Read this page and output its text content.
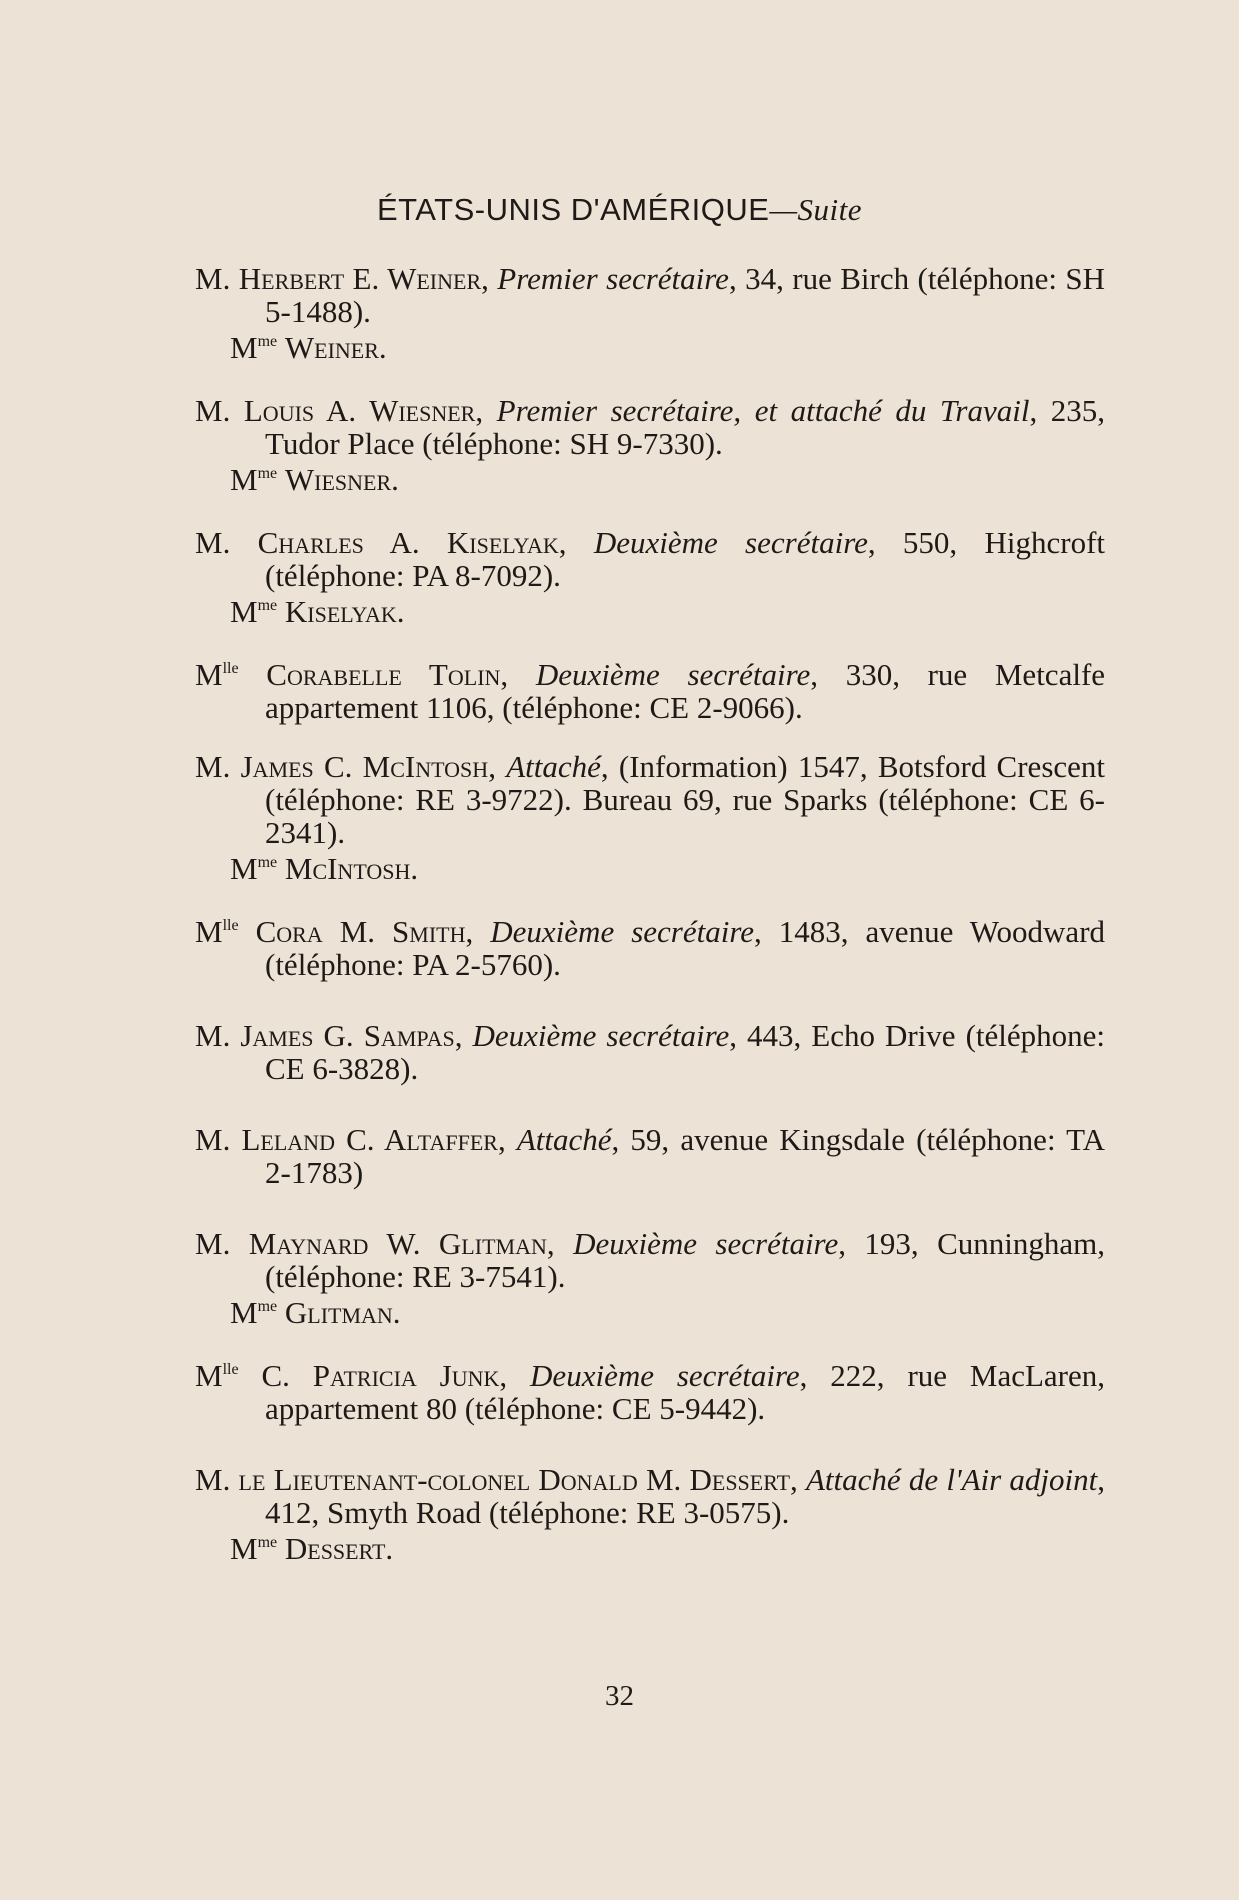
ÉTATS-UNIS D'AMÉRIQUE—Suite

M. Herbert E. Weiner, Premier secrétaire, 34, rue Birch (téléphone: SH 5-1488).

$M^{me}$ Weiner.

M. Louis A. Wiesner, Premier secrétaire, et attaché du Travail, 235, Tudor Place (téléphone: SH 9-7330).

$M^{me}$ Wiesner.

M. Charles A. Kiselyak, Deuxième secrétaire, 550, Highcroft (téléphone: PA 8-7092).

$M^{me}$ Kiselyak.

$M^{lle}$ Corabelle Tolin, Deuxième secrétaire, 330, rue Metcalfe appartement 1106, (téléphone: CE 2-9066).

M. James C. McIntosh, Attaché, (Information) 1547, Botsford Crescent (téléphone: RE 3-9722). Bureau 69, rue Sparks (téléphone: CE 6-2341).

$M^{me}$ McIntosh.

$M^{lle}$ Cora M. Smith, Deuxième secrétaire, 1483, avenue Woodward (téléphone: PA 2-5760).

M. James G. Sampas, Deuxième secrétaire, 443, Echo Drive (téléphone: CE 6-3828).

M. Leland C. Altaffer, Attaché, 59, avenue Kingsdale (téléphone: TA 2-1783)

M. Maynard W. Glitman, Deuxième secrétaire, 193, Cunningham, (téléphone: RE 3-7541).

$M^{me}$ Glitman.

$M^{lle}$ C. Patricia Junk, Deuxième secrétaire, 222, rue MacLaren, appartement 80 (téléphone: CE 5-9442).

M. le Lieutenant-colonel Donald M. Dessert, Attaché de l'Air adjoint, 412, Smyth Road (téléphone: RE 3-0575).

$M^{me}$ Dessert.
32
